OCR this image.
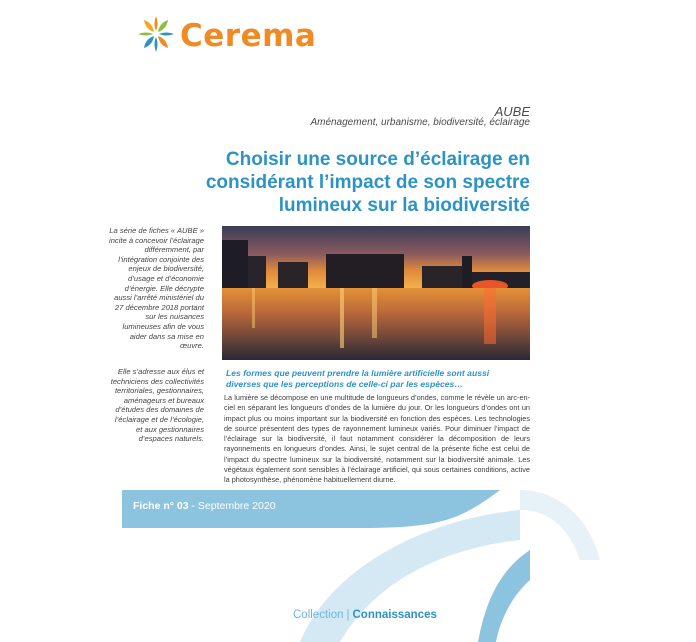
Cerema
AUBE
Aménagement, urbanisme, biodiversité, éclairage
Choisir une source d’éclairage en
considérant l’impact de son spectre
lumineux sur la biodiversité
La série de fiches « AUBE » incite à concevoir l’éclairage différemment, par l’intégration conjointe des enjeux de biodiversité, d’usage et d’économie d’énergie. Elle décrypte aussi l’arrêté ministériel du 27 décembre 2018 portant sur les nuisances lumineuses afin de vous aider dans sa mise en œuvre.
Elle s’adresse aux élus et techniciens des collectivités territoriales, gestionnaires, aménageurs et bureaux d’études des domaines de l’éclairage et de l’écologie, et aux gestionnaires d’espaces naturels.
Les formes que peuvent prendre la lumière artificielle sont aussi diverses que les perceptions de celle-ci par les espèces…
La lumière se décompose en une multitude de longueurs d’ondes, comme le révèle un arc-en-ciel en séparant les longueurs d’ondes de la lumière du jour. Or les longueurs d’ondes ont un impact plus ou moins important sur la biodiversité en fonction des espèces. Les technologies de source présentent des types de rayonnement lumineux variés. Pour diminuer l’impact de l’éclairage sur la biodiversité, il faut notamment considérer la décomposition de leurs rayonnements en longueurs d’ondes. Ainsi, le sujet central de la présente fiche est celui de l’impact du spectre lumineux sur la biodiversité, notamment sur la biodiversité animale. Les végétaux également sont sensibles à l’éclairage artificiel, qui sous certaines conditions, active la photosynthèse, phénomène habituellement diurne.
Fiche n° 03 - Septembre 2020
Collection | Connaissances
